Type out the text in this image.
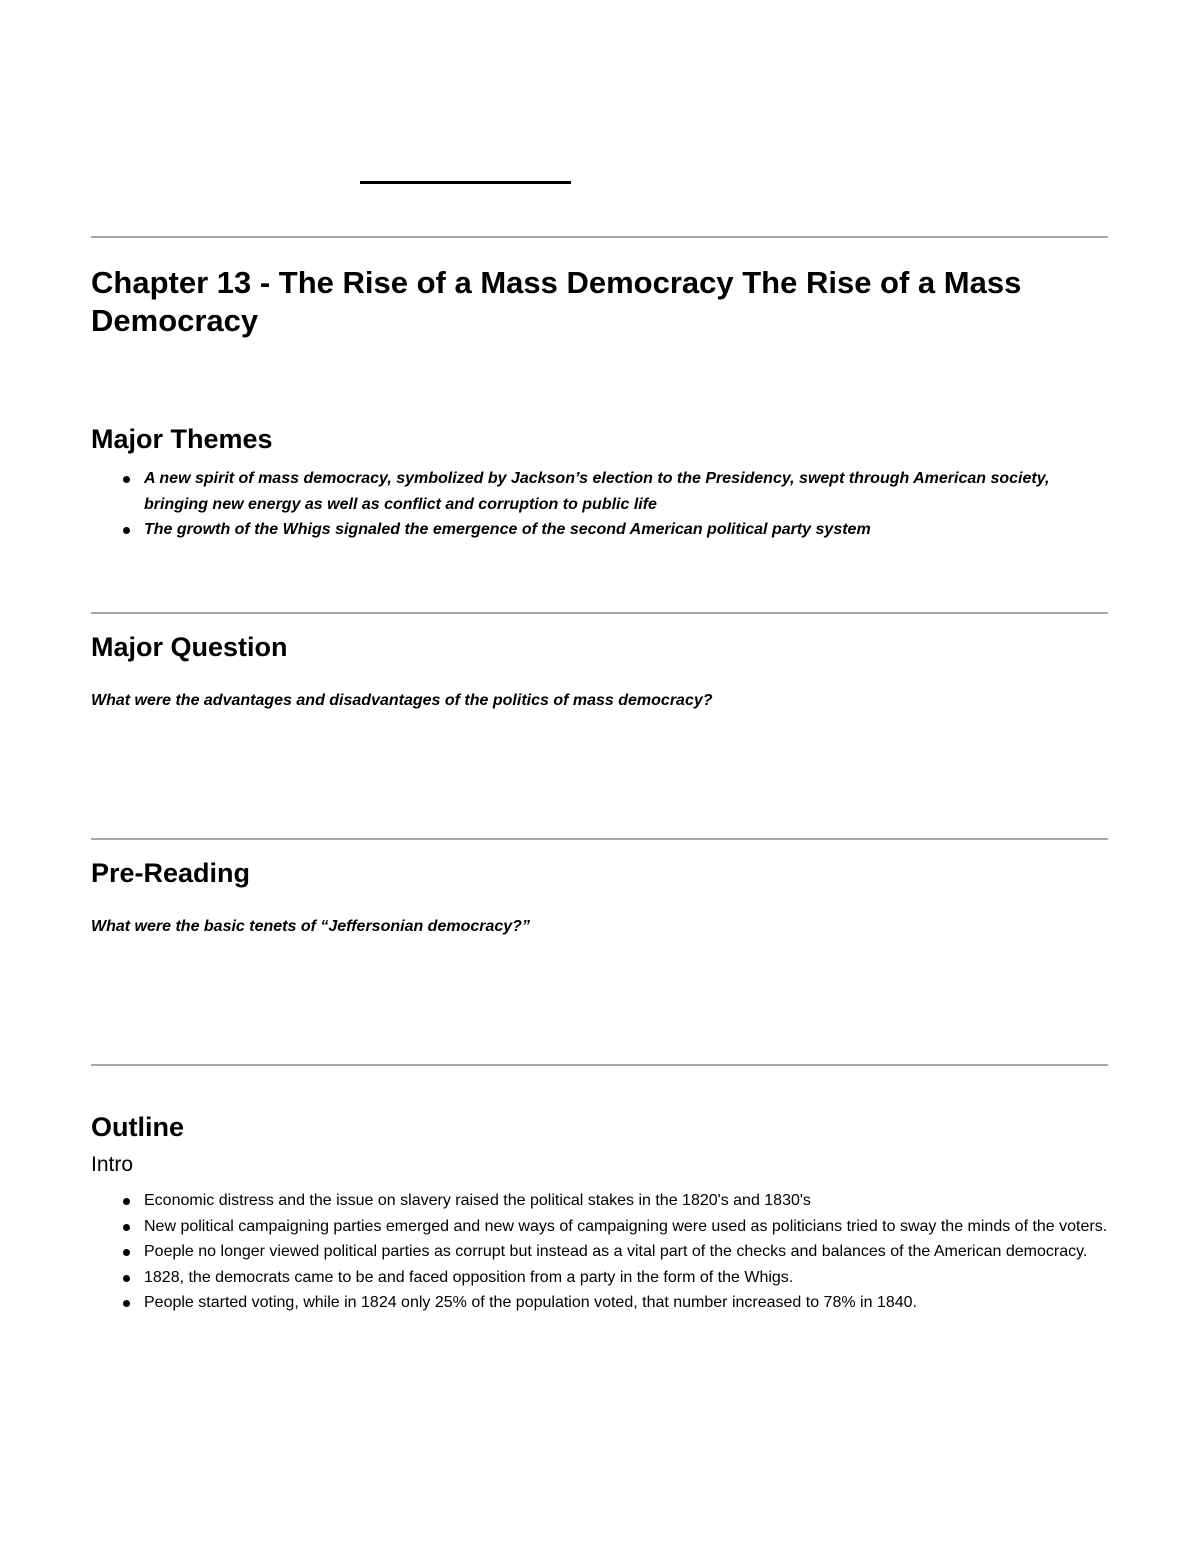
Chapter 13 - The Rise of a Mass Democracy The Rise of a Mass Democracy
Major Themes
A new spirit of mass democracy, symbolized by Jackson’s election to the Presidency, swept through American society, bringing new energy as well as conflict and corruption to public life
The growth of the Whigs signaled the emergence of the second American political party system
Major Question

What were the advantages and disadvantages of the politics of mass democracy?

Pre-Reading

What were the basic tenets of “Jeffersonian democracy?”

Outline
Intro
Economic distress and the issue on slavery raised the political stakes in the 1820's and 1830's
New political campaigning parties emerged and new ways of campaigning were used as politicians tried to sway the minds of the voters.
Poeple no longer viewed political parties as corrupt but instead as a vital part of the checks and balances of the American democracy.
1828, the democrats came to be and faced opposition from a party in the form of the Whigs.
People started voting, while in 1824 only 25% of the population voted, that number increased to 78% in 1840.
